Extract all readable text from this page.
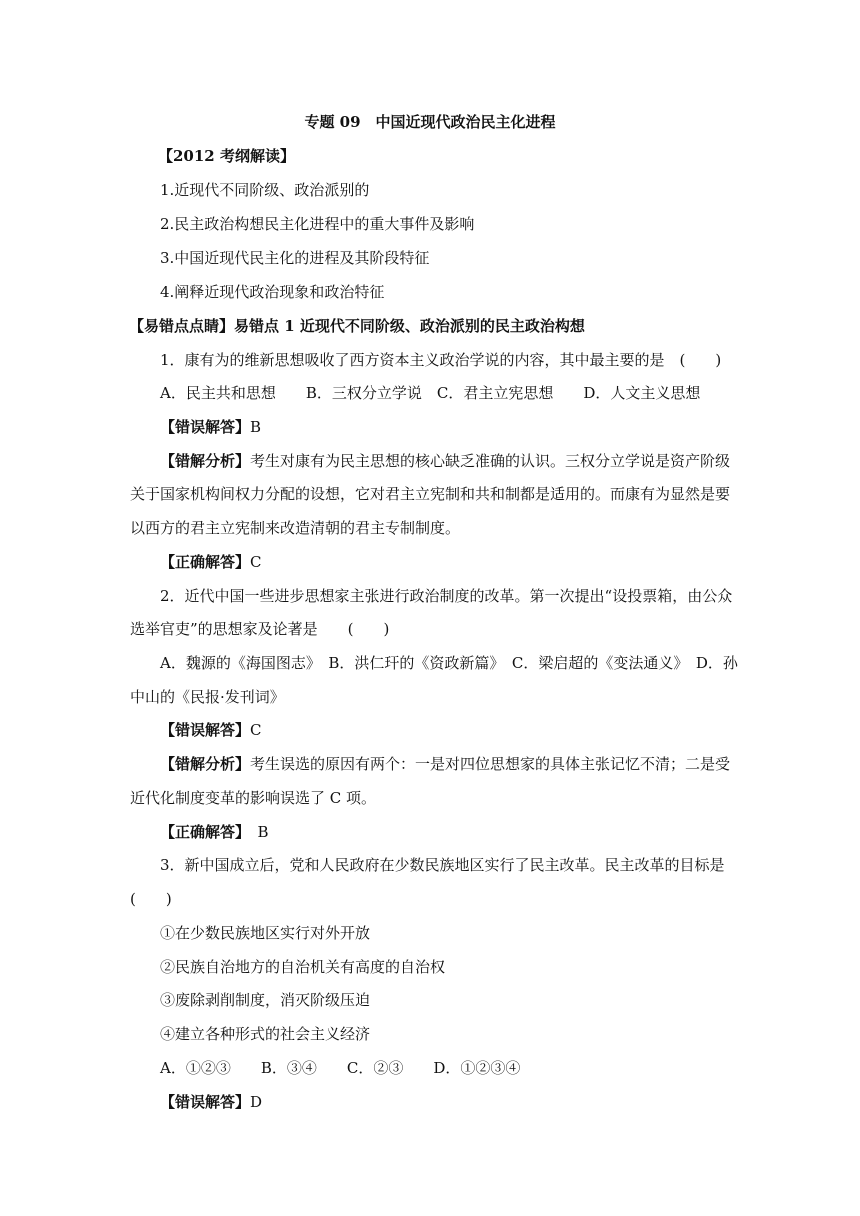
专题 09　中国近现代政治民主化进程
【2012 考纲解读】
1.近现代不同阶级、政治派别的
2.民主政治构想民主化进程中的重大事件及影响
3.中国近现代民主化的进程及其阶段特征
4.阐释近现代政治现象和政治特征
【易错点点睛】易错点 1 近现代不同阶级、政治派别的民主政治构想
1．康有为的维新思想吸收了西方资本主义政治学说的内容，其中最主要的是　(　　)
A．民主共和思想　　B．三权分立学说　C．君主立宪思想　　D．人文主义思想
【错误解答】B
【错解分析】考生对康有为民主思想的核心缺乏准确的认识。三权分立学说是资产阶级
关于国家机构间权力分配的设想，它对君主立宪制和共和制都是适用的。而康有为显然是要
以西方的君主立宪制来改造清朝的君主专制制度。
【正确解答】C
2．近代中国一些进步思想家主张进行政治制度的改革。第一次提出“设投票箱，由公众
选举官吏”的思想家及论著是　　(　　)
A．魏源的《海国图志》　B．洪仁玕的《资政新篇》　C．梁启超的《变法通义》　D．孙
中山的《民报·发刊词》
【错误解答】C
【错解分析】考生误选的原因有两个：一是对四位思想家的具体主张记忆不清；二是受
近代化制度变革的影响误选了 C 项。
【正确解答】　B
3．新中国成立后，党和人民政府在少数民族地区实行了民主改革。民主改革的目标是
(　　)
①在少数民族地区实行对外开放
②民族自治地方的自治机关有高度的自治权
③废除剥削制度，消灭阶级压迫
④建立各种形式的社会主义经济
A．①②③　　B．③④　　C．②③　　D．①②③④
【错误解答】D
